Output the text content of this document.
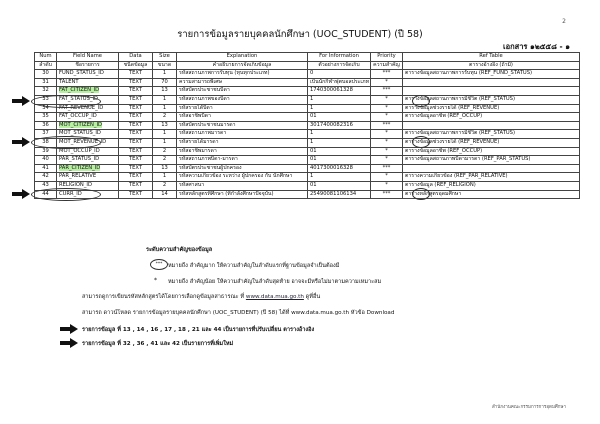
2
รายการข้อมูลรายบุคคลนักศึกษา (UOC_STUDENT) (ปี 58)
เอกสาร ๑๒๕๕๘ - ๑
Num	Field Name	Data	Size	Explanation	For Information	Priority	Ref Table
ลำดับ	ชื่อรายการ	ชนิดข้อมูล	ขนาด	คำอธิบายการจัดเก็บข้อมูล	ตัวอย่างการจัดเก็บ	ความสำคัญ	ตารางอ้างอิง (ถ้ามี)
30	FUND_STATUS_ID	TEXT	1	รหัสสถานภาพการรับทุน (ทุนทุกประเภท)	0	***	ตารางข้อมูลสถานภาพการรับทุน (REF_FUND_STATUS)
31	TALENT	TEXT	70	ความสามารถพิเศษ	เป็นนักกีฬาฟุตบอลประเภท	*	
32	FAT_CITIZEN_ID	TEXT	13	รหัสบัตรประชาชนบิดา	1740300061328	***	
33	FAT_STATUS_ID	TEXT	1	รหัสสถานภาพของบิดา	1	*	ตารางข้อมูลสถานภาพการมีชีวิต (REF_STATUS)
34	FAT_REVENUE_ID	TEXT	1	รหัสรายได้บิดา	1	*	ตารางข้อมูลช่วงรายได้ (REF_REVENUE)
35	FAT_OCCUP_ID	TEXT	2	รหัสอาชีพบิดา	01	*	ตารางข้อมูลอาชีพ (REF_OCCUP)
36	MOT_CITIZEN_ID	TEXT	13	รหัสบัตรประชาชนมารดา	3017400082316	***	
37	MOT_STATUS_ID	TEXT	1	รหัสสถานภาพมารดา	1	*	ตารางข้อมูลสถานภาพการมีชีวิต (REF_STATUS)
38	MOT_REVENUE_ID	TEXT	1	รหัสรายได้มารดา	1	*	ตารางข้อมูลช่วงรายได้ (REF_REVENUE)
39	MOT_OCCUP_ID	TEXT	2	รหัสอาชีพมารดา	01	*	ตารางข้อมูลอาชีพ (REF_OCCUP)
40	PAR_STATUS_ID	TEXT	2	รหัสสถานภาพบิดา-มารดา	01	*	ตารางข้อมูลสถานภาพบิดามารดา (REF_PAR_STATUS)
41	PAR_CITIZEN_ID	TEXT	13	รหัสบัตรประชาชนผู้ปกครอง	4017300016328	***	
42	PAR_RELATIVE	TEXT	1	รหัสความเกี่ยวข้อง ระหว่าง ผู้ปกครอง กับ นักศึกษา	1	*	ตารางความเกี่ยวข้อง (REF_PAR_RELATIVE)
43	RELIGION_ID	TEXT	2	รหัสศาสนา	01	*	ตารางข้อมูล (REF_RELIGION)
44	CURR_ID	TEXT	14	รหัสหลักสูตรที่ศึกษา (ที่กำลังศึกษาปัจจุบัน)	25490081106134	***	ตารางหลักสูตรอุดมศึกษา
ระดับความสำคัญของข้อมูล
***	หมายถึง สำคัญมาก ให้ความสำคัญในลำดับแรกที่ฐานข้อมูลจำเป็นต้องมี
* หมายถึง สำคัญน้อย ให้ความสำคัญในลำดับสุดท้าย อาจจะมีหรือไม่มาตามความเหมาะสม
สามารถดูการเขียนรหัสหลักสูตรได้โดยการเลือกดูข้อมูลสาธารณะ ที่ www.data.mua.go.th ดูที่อื่น
สามารถ ดาวน์โหลด รายการข้อมูลรายบุคคลนักศึกษา (UOC_STUDENT) (ปี 58) ได้ที่ www.data.mua.go.th หัวข้อ Download
รายการข้อมูล ที่ 13 , 14 , 16 , 17 , 18 , 21 และ 44 เป็นรายการที่ปรับเปลี่ยน ตารางอ้างอิง
รายการข้อมูล ที่ 32 , 36 , 41 และ 42 เป็นรายการที่เพิ่มใหม่
สำนักงานคณะกรรมการการอุดมศึกษา
